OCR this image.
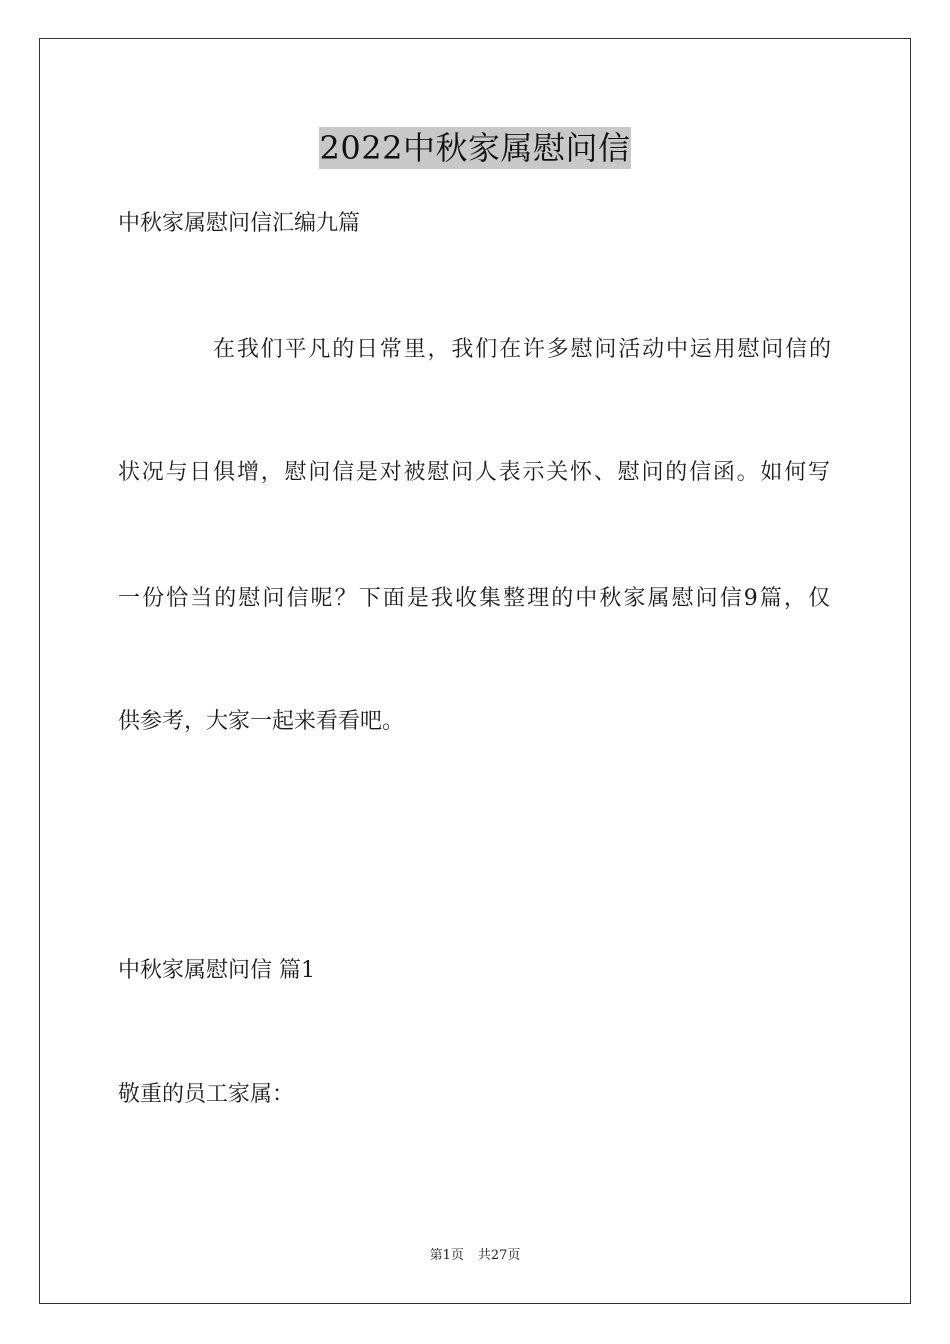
2022中秋家属慰问信
中秋家属慰问信汇编九篇
在我们平凡的日常里，我们在许多慰问活动中运用慰问信的
状况与日俱增，慰问信是对被慰问人表示关怀、慰问的信函。如何写
一份恰当的慰问信呢？下面是我收集整理的中秋家属慰问信9篇，仅
供参考，大家一起来看看吧。
中秋家属慰问信 篇1
敬重的员工家属：
第1页 共27页
